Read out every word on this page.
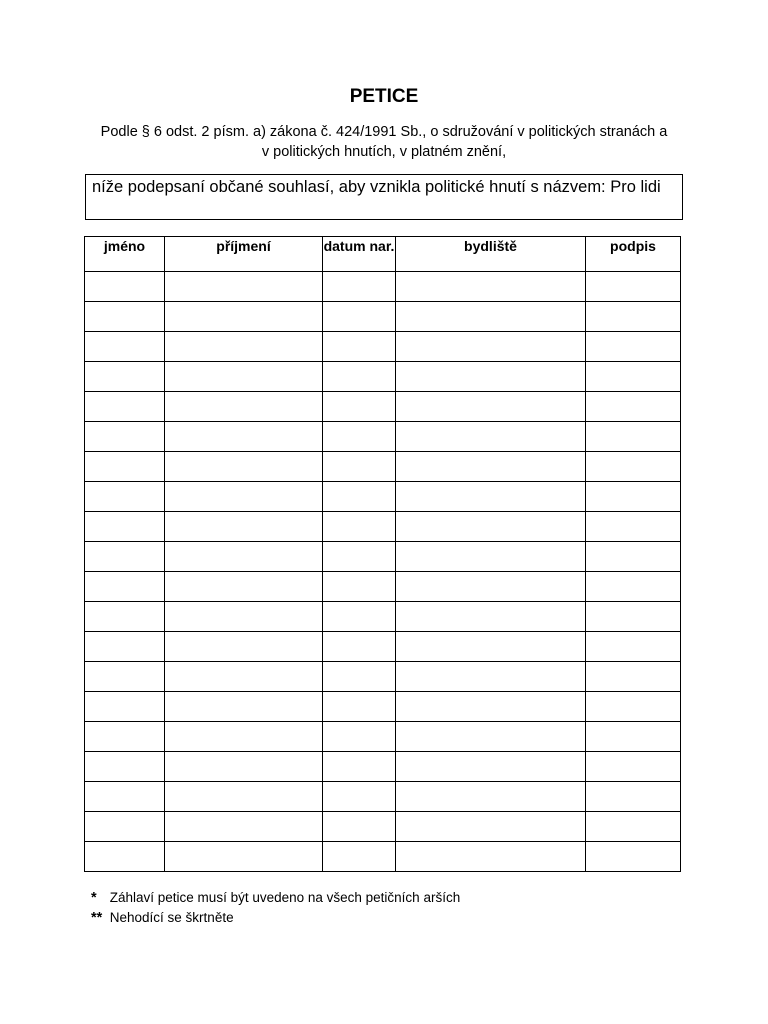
PETICE

Podle § 6 odst. 2 písm. a) zákona č. 424/1991 Sb., o sdružování v politických stranách a v politických hnutích, v platném znění,

níže podepsaní občané souhlasí, aby vznikla politické hnutí s názvem: Pro lidi
jméno	příjmení	datum nar.	bydliště	podpis

* Záhlaví petice musí být uvedeno na všech petičních arších
** Nehodící se škrtněte
